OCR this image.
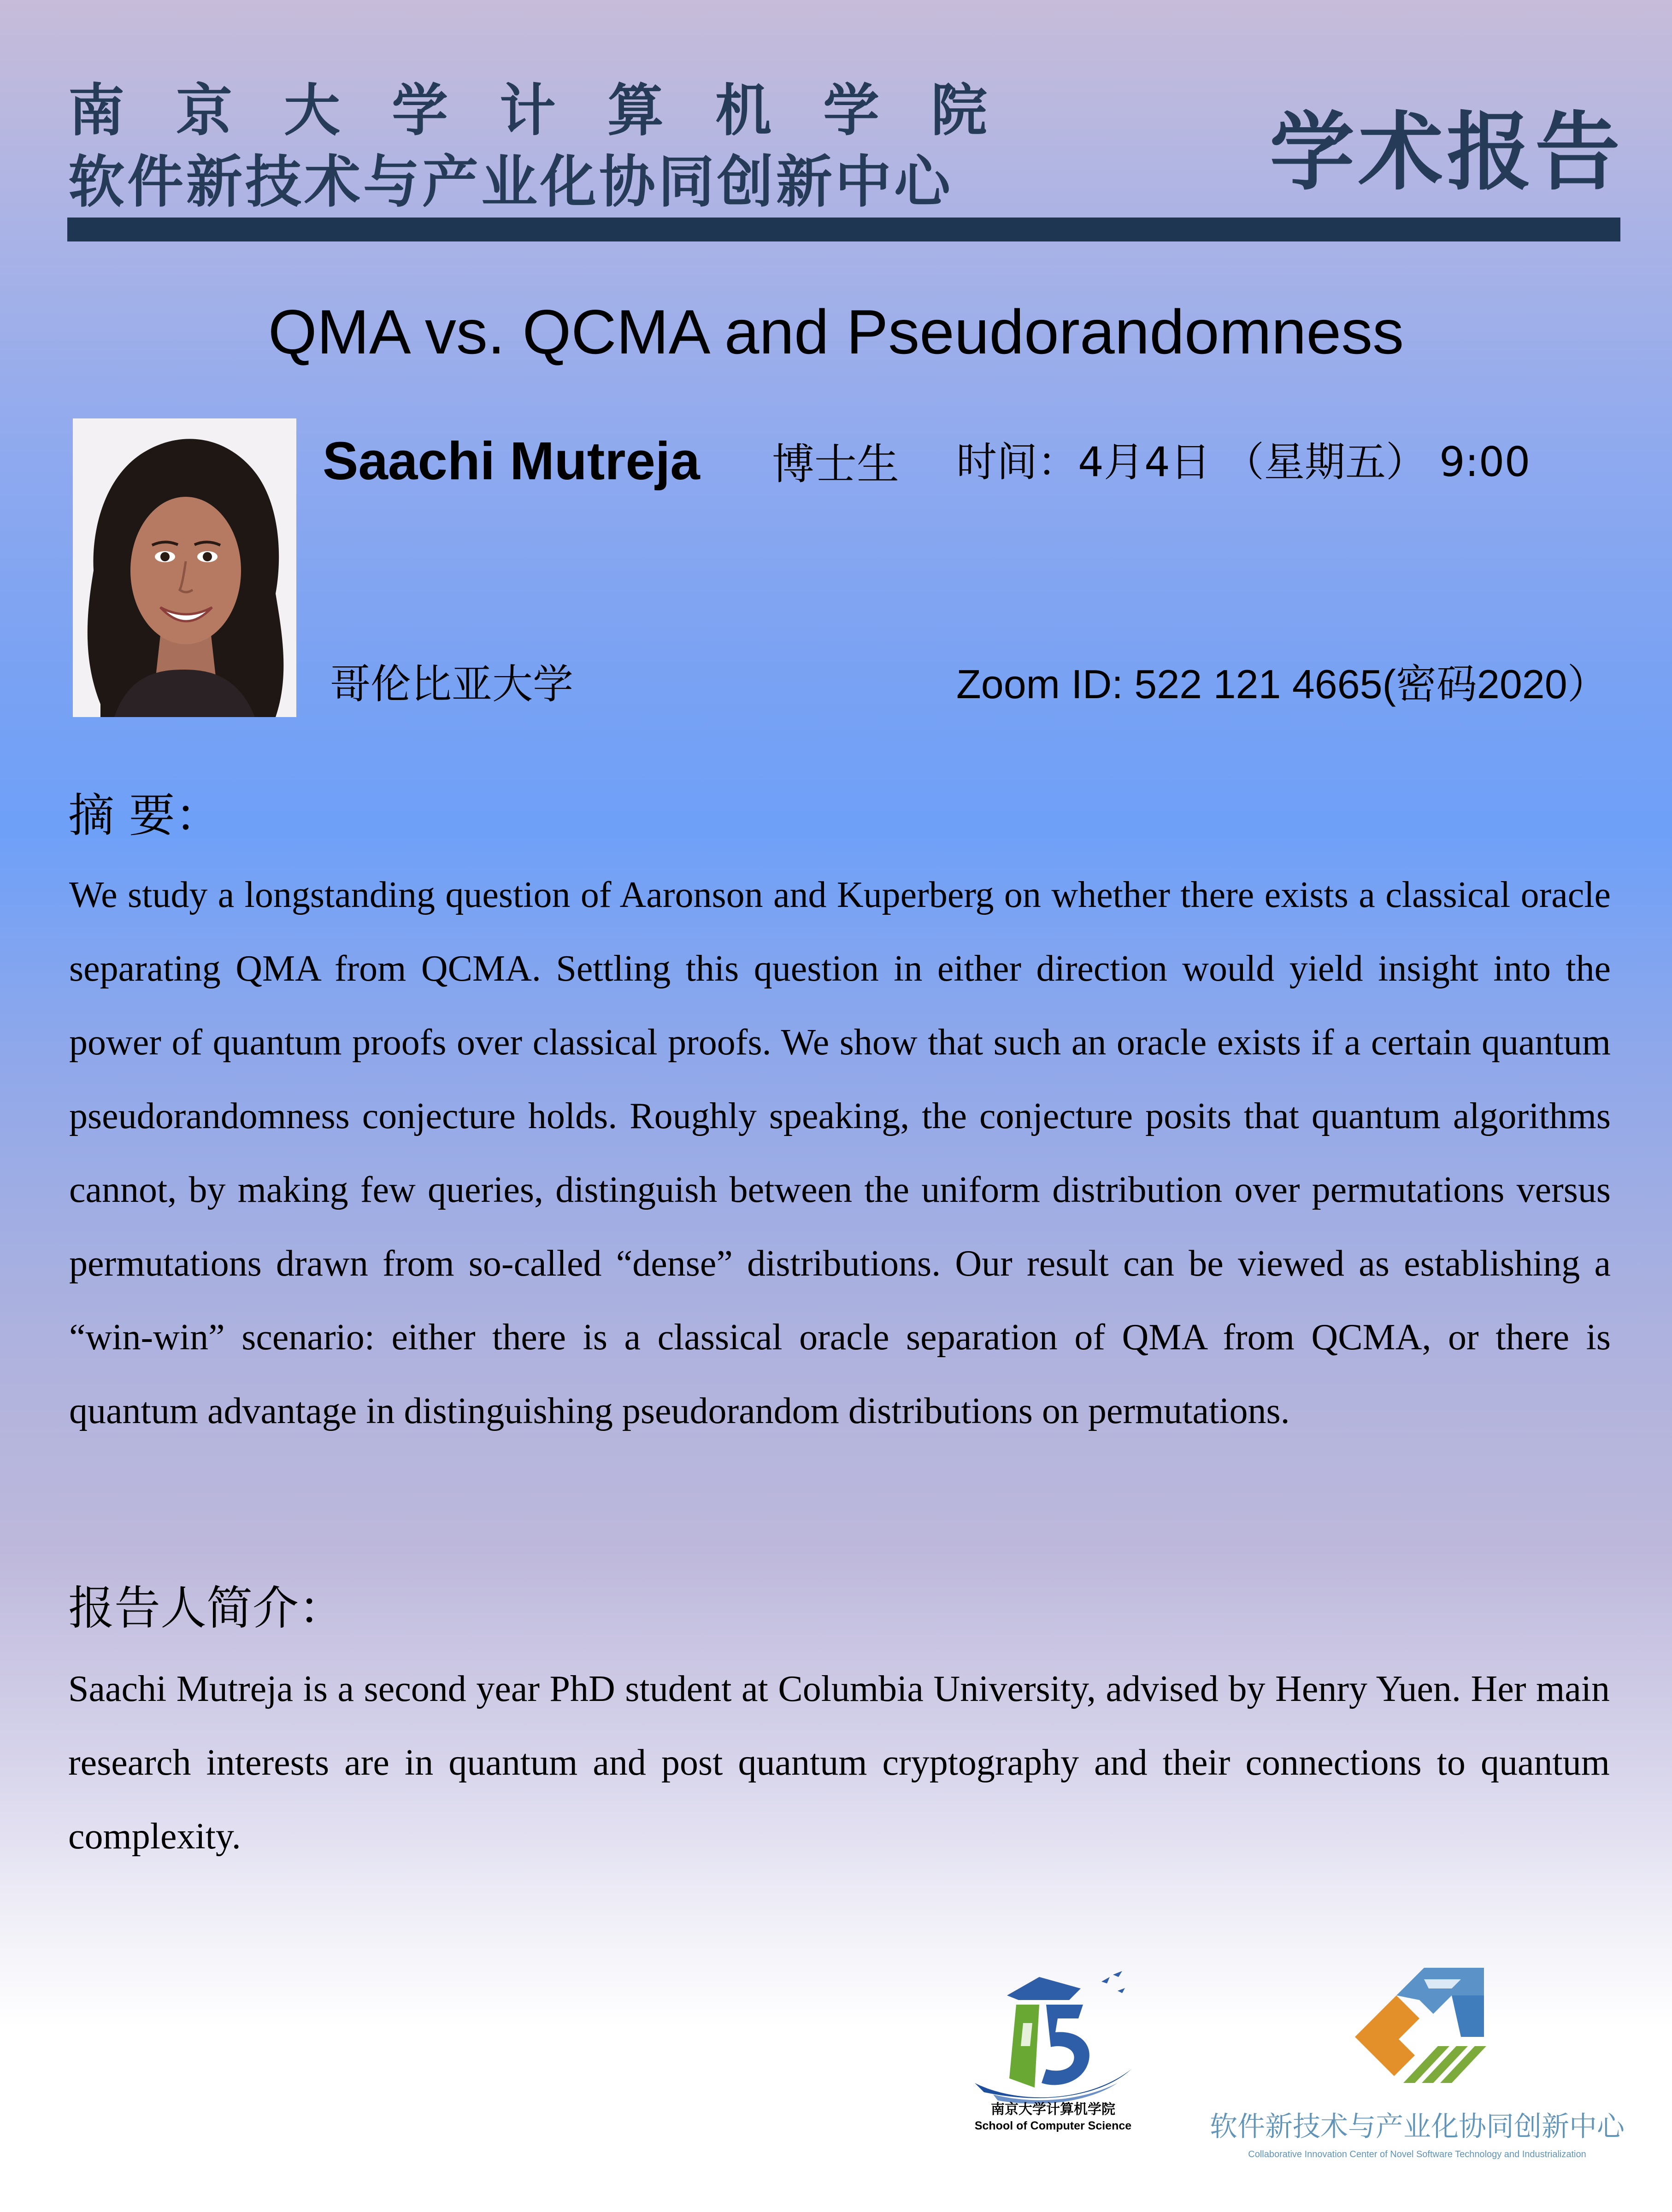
南京大学计算机学院
软件新技术与产业化协同创新中心	学术报告
QMA vs. QCMA and Pseudorandomness
Saachi Mutreja 博士生 时间：4月4日 （星期五） 9:00
哥伦比亚大学	Zoom ID: 522 121 4665(密码2020）
摘 要：
We study a longstanding question of Aaronson and Kuperberg on whether there exists a classical oracle separating QMA from QCMA. Settling this question in either direction would yield insight into the power of quantum proofs over classical proofs. We show that such an oracle exists if a certain quantum pseudorandomness conjecture holds. Roughly speaking, the conjecture posits that quantum algorithms cannot, by making few queries, distinguish between the uniform distribution over permutations versus permutations drawn from so-called “dense” distributions. Our result can be viewed as establishing a “win-win” scenario: either there is a classical oracle separation of QMA from QCMA, or there is quantum advantage in distinguishing pseudorandom distributions on permutations.
报告人简介：
Saachi Mutreja is a second year PhD student at Columbia University, advised by Henry Yuen. Her main research interests are in quantum and post quantum cryptography and their connections to quantum complexity.
南京大学计算机学院
School of Computer Science	软件新技术与产业化协同创新中心
Collaborative Innovation Center of Novel Software Technology and Industrialization
